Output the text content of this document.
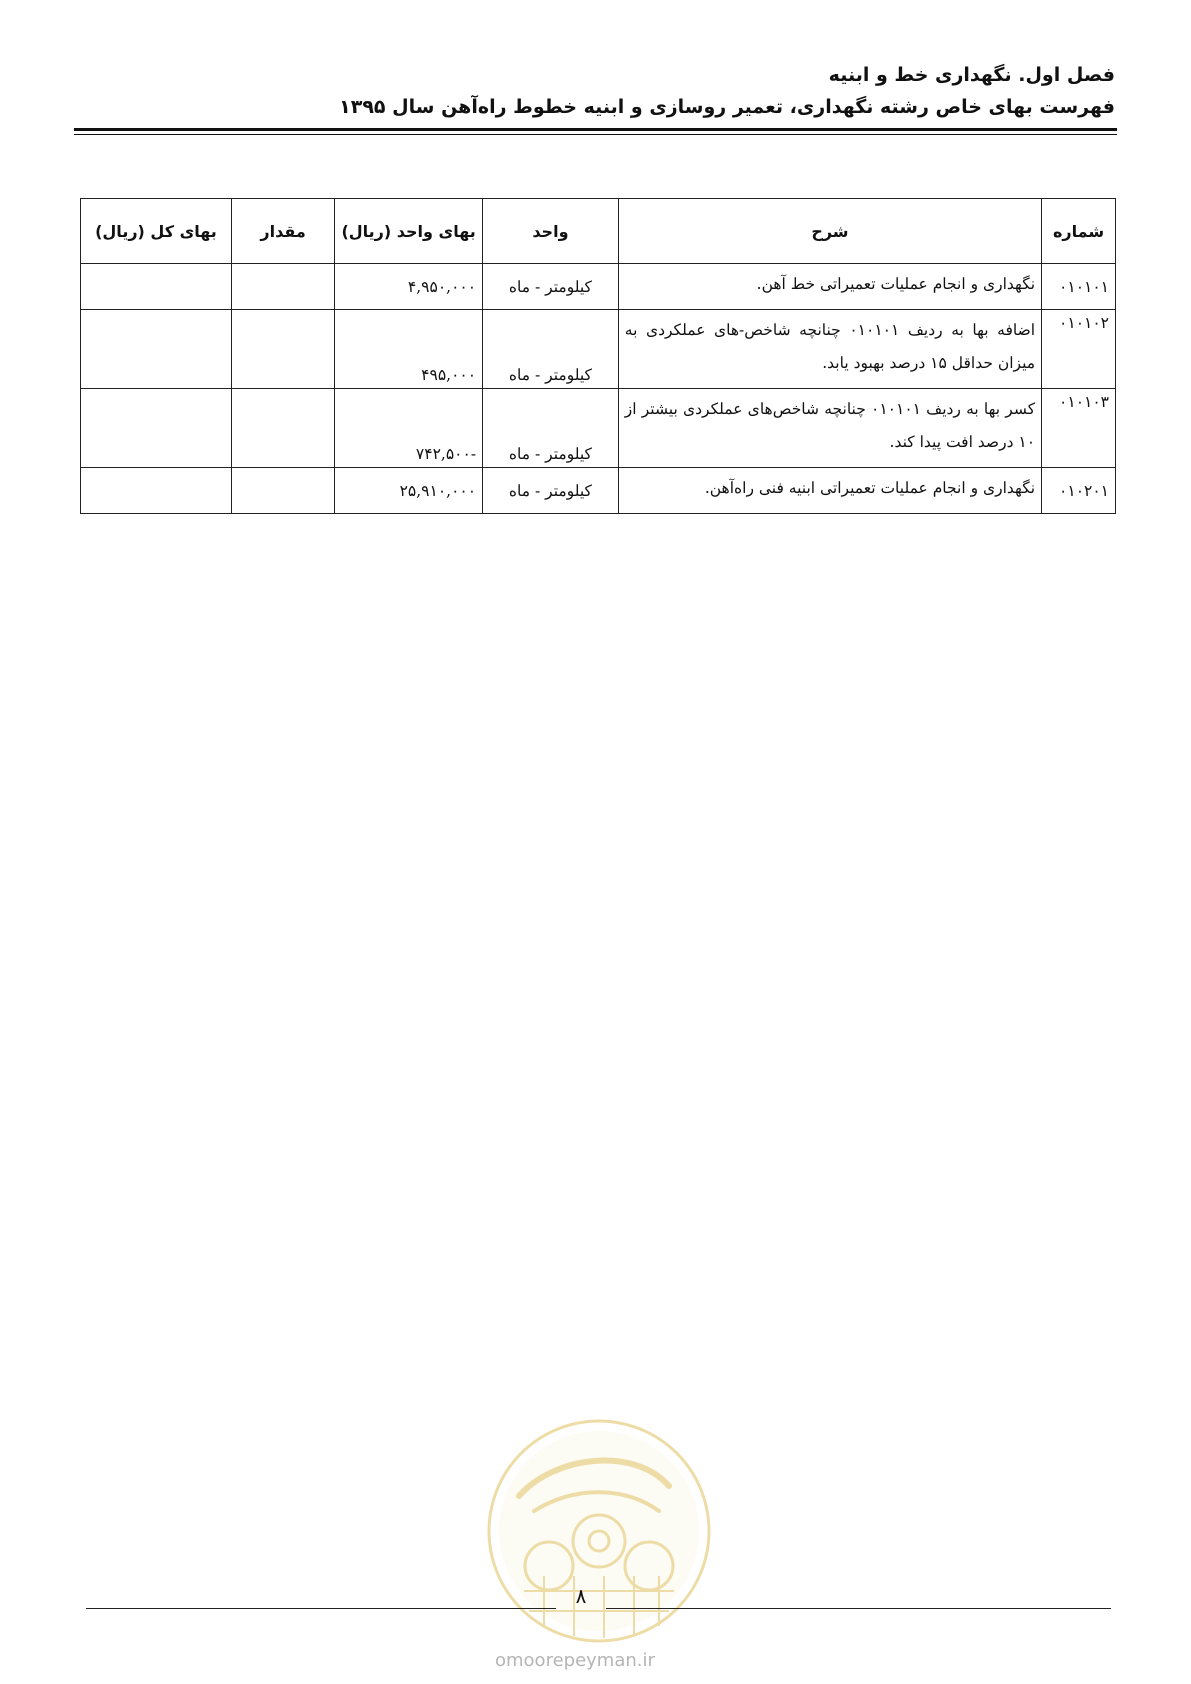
فصل اول. نگهداری خط و ابنیه
فهرست بهای خاص رشته نگهداری، تعمیر روسازی و ابنیه خطوط راه‌آهن سال ۱۳۹۵
شماره	شرح	واحد	بهای واحد (ریال)	مقدار	بهای کل (ریال)
۰۱۰۱۰۱	نگهداری و انجام عملیات تعمیراتی خط آهن.	کیلومتر - ماه	۴,۹۵۰,۰۰۰		
۰۱۰۱۰۲	اضافه بها به ردیف ۰۱۰۱۰۱ چنانچه شاخص-های عملکردی به میزان حداقل ۱۵ درصد بهبود یابد.	کیلومتر - ماه	۴۹۵,۰۰۰		
۰۱۰۱۰۳	کسر بها به ردیف ۰۱۰۱۰۱ چنانچه شاخص‌های عملکردی بیشتر از ۱۰ درصد افت پیدا کند.	کیلومتر - ماه	-۷۴۲,۵۰۰		
۰۱۰۲۰۱	نگهداری و انجام عملیات تعمیراتی ابنیه فنی راه‌آهن.	کیلومتر - ماه	۲۵,۹۱۰,۰۰۰		
omoorepeyman.ir
۸
